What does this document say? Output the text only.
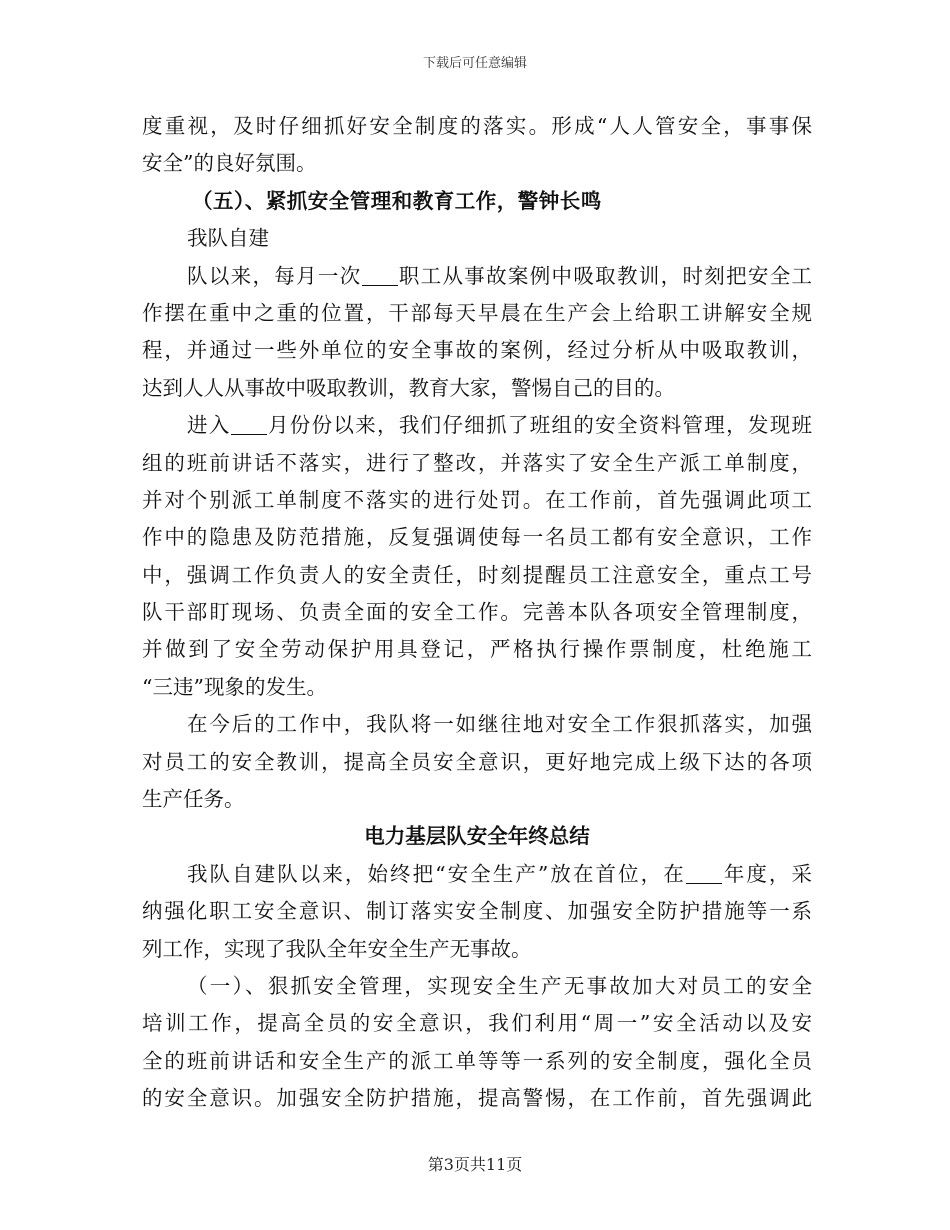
下载后可任意编辑
度重视，及时仔细抓好安全制度的落实。形成“人人管安全，事事保
安全”的良好氛围。
（五）、紧抓安全管理和教育工作，警钟长鸣
我队自建
队以来，每月一次 职工从事故案例中吸取教训，时刻把安全工
作摆在重中之重的位置，干部每天早晨在生产会上给职工讲解安全规
程，并通过一些外单位的安全事故的案例，经过分析从中吸取教训，
达到人人从事故中吸取教训，教育大家，警惕自己的目的。
进入 月份份以来，我们仔细抓了班组的安全资料管理，发现班
组的班前讲话不落实，进行了整改，并落实了安全生产派工单制度，
并对个别派工单制度不落实的进行处罚。在工作前，首先强调此项工
作中的隐患及防范措施，反复强调使每一名员工都有安全意识，工作
中，强调工作负责人的安全责任，时刻提醒员工注意安全，重点工号
队干部盯现场、负责全面的安全工作。完善本队各项安全管理制度，
并做到了安全劳动保护用具登记，严格执行操作票制度，杜绝施工
“三违”现象的发生。
在今后的工作中，我队将一如继往地对安全工作狠抓落实，加强
对员工的安全教训，提高全员安全意识，更好地完成上级下达的各项
生产任务。
电力基层队安全年终总结
我队自建队以来，始终把“安全生产”放在首位，在 年度，采
纳强化职工安全意识、制订落实安全制度、加强安全防护措施等一系
列工作，实现了我队全年安全生产无事故。
（一）、狠抓安全管理，实现安全生产无事故加大对员工的安全
培训工作，提高全员的安全意识，我们利用“周一”安全活动以及安
全的班前讲话和安全生产的派工单等等一系列的安全制度，强化全员
的安全意识。加强安全防护措施，提高警惕，在工作前，首先强调此
第3页共11页
